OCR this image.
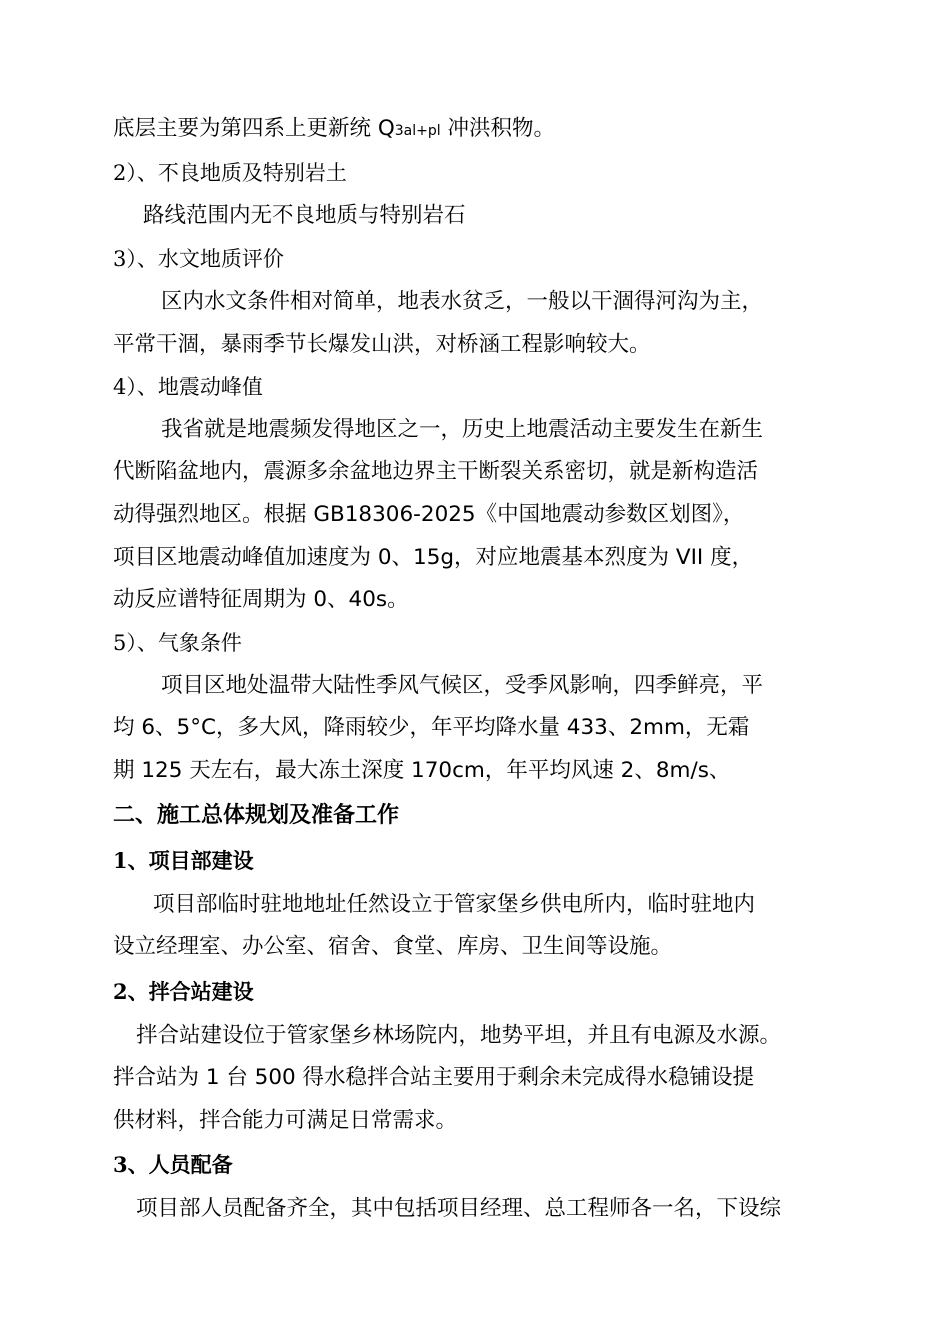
底层主要为第四系上更新统 Q3al+pl 冲洪积物。
2）、不良地质及特别岩土
路线范围内无不良地质与特别岩石
3）、水文地质评价
区内水文条件相对简单，地表水贫乏，一般以干涸得河沟为主，
平常干涸，暴雨季节长爆发山洪，对桥涵工程影响较大。
4）、地震动峰值
我省就是地震频发得地区之一，历史上地震活动主要发生在新生
代断陷盆地内，震源多余盆地边界主干断裂关系密切，就是新构造活
动得强烈地区。根据 GB18306-2025《中国地震动参数区划图》，
项目区地震动峰值加速度为 0、15g，对应地震基本烈度为 VII 度，
动反应谱特征周期为 0、40s。
5）、气象条件
项目区地处温带大陆性季风气候区，受季风影响，四季鲜亮，平
均 6、5°C，多大风，降雨较少，年平均降水量 433、2mm，无霜
期 125 天左右，最大冻土深度 170cm，年平均风速 2、8m/s、
二、施工总体规划及准备工作
1、项目部建设
项目部临时驻地地址任然设立于管家堡乡供电所内，临时驻地内
设立经理室、办公室、宿舍、食堂、库房、卫生间等设施。
2、拌合站建设
拌合站建设位于管家堡乡林场院内，地势平坦，并且有电源及水源。
拌合站为 1 台 500 得水稳拌合站主要用于剩余未完成得水稳铺设提
供材料，拌合能力可满足日常需求。
3、人员配备
项目部人员配备齐全，其中包括项目经理、总工程师各一名，下设综
